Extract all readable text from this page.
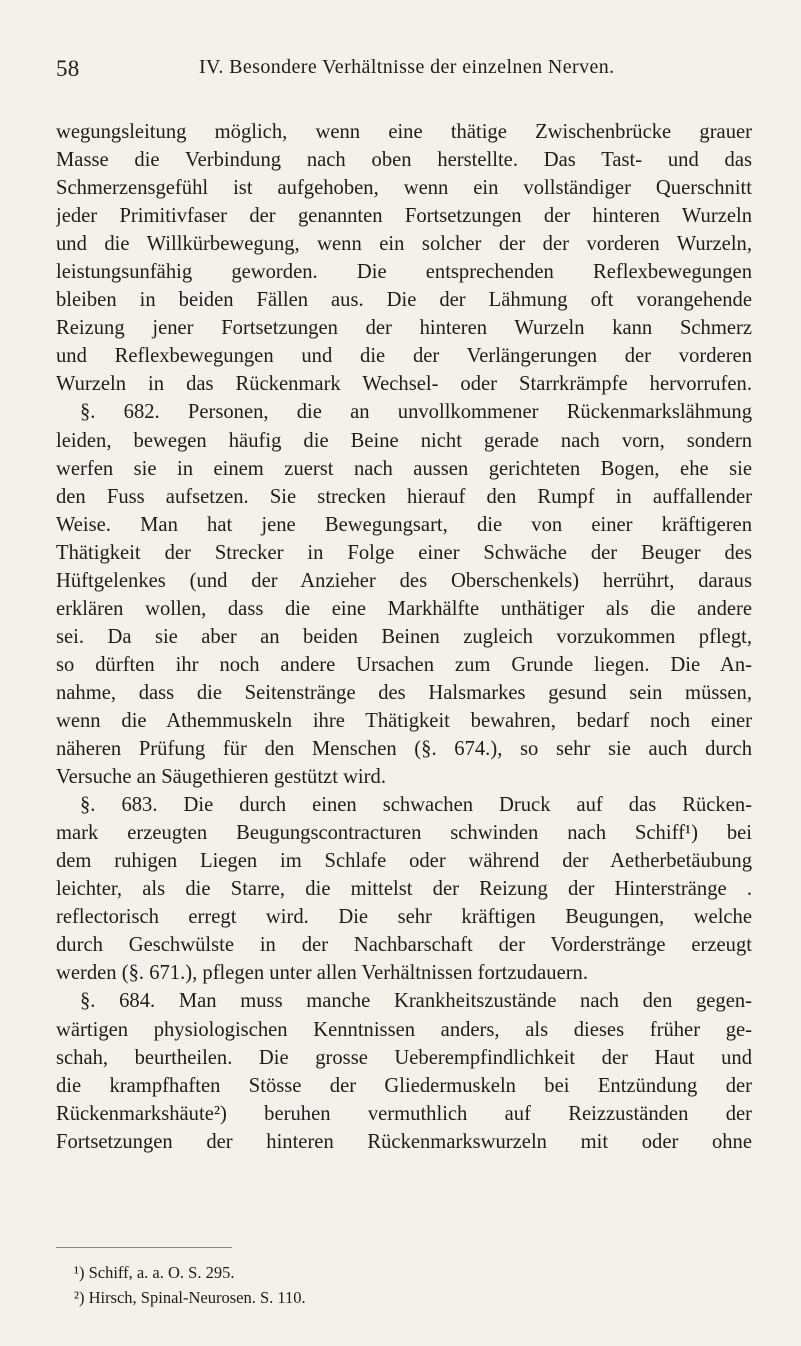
58	IV. Besondere Verhältnisse der einzelnen Nerven.
wegungsleitung möglich, wenn eine thätige Zwischenbrücke grauer
Masse die Verbindung nach oben herstellte. Das Tast- und das
Schmerzensgefühl ist aufgehoben, wenn ein vollständiger Querschnitt
jeder Primitivfaser der genannten Fortsetzungen der hinteren Wurzeln
und die Willkürbewegung, wenn ein solcher der der vorderen Wurzeln,
leistungsunfähig geworden. Die entsprechenden Reflexbewegungen
bleiben in beiden Fällen aus. Die der Lähmung oft vorangehende
Reizung jener Fortsetzungen der hinteren Wurzeln kann Schmerz
und Reflexbewegungen und die der Verlängerungen der vorderen
Wurzeln in das Rückenmark Wechsel- oder Starrkrämpfe hervorrufen.
§. 682. Personen, die an unvollkommener Rückenmarkslähmung
leiden, bewegen häufig die Beine nicht gerade nach vorn, sondern
werfen sie in einem zuerst nach aussen gerichteten Bogen, ehe sie
den Fuss aufsetzen. Sie strecken hierauf den Rumpf in auffallender
Weise. Man hat jene Bewegungsart, die von einer kräftigeren
Thätigkeit der Strecker in Folge einer Schwäche der Beuger des
Hüftgelenkes (und der Anzieher des Oberschenkels) herrührt, daraus
erklären wollen, dass die eine Markhälfte unthätiger als die andere
sei. Da sie aber an beiden Beinen zugleich vorzukommen pflegt,
so dürften ihr noch andere Ursachen zum Grunde liegen. Die An-
nahme, dass die Seitenstränge des Halsmarkes gesund sein müssen,
wenn die Athemmuskeln ihre Thätigkeit bewahren, bedarf noch einer
näheren Prüfung für den Menschen (§. 674.), so sehr sie auch durch
Versuche an Säugethieren gestützt wird.
§. 683. Die durch einen schwachen Druck auf das Rücken-
mark erzeugten Beugungscontracturen schwinden nach Schiff¹) bei
dem ruhigen Liegen im Schlafe oder während der Aetherbetäubung
leichter, als die Starre, die mittelst der Reizung der Hinterstränge .
reflectorisch erregt wird. Die sehr kräftigen Beugungen, welche
durch Geschwülste in der Nachbarschaft der Vorderstränge erzeugt
werden (§. 671.), pflegen unter allen Verhältnissen fortzudauern.
§. 684. Man muss manche Krankheitszustände nach den gegen-
wärtigen physiologischen Kenntnissen anders, als dieses früher ge-
schah, beurtheilen. Die grosse Ueberempfindlichkeit der Haut und
die krampfhaften Stösse der Gliedermuskeln bei Entzündung der
Rückenmarkshäute²) beruhen vermuthlich auf Reizzuständen der
Fortsetzungen der hinteren Rückenmarkswurzeln mit oder ohne
¹) Schiff, a. a. O. S. 295.
²) Hirsch, Spinal-Neurosen. S. 110.
